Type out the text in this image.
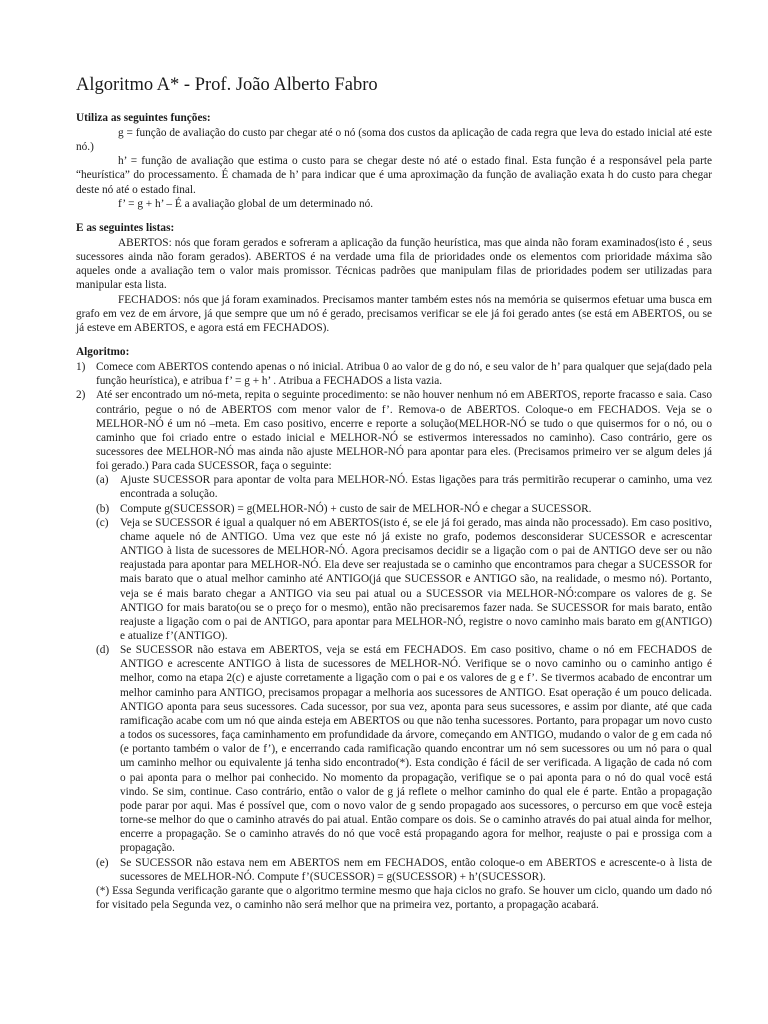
Algoritmo A* - Prof. João Alberto Fabro
Utiliza as seguintes funções:

g = função de avaliação do custo par chegar até o nó (soma dos custos da aplicação de cada regra que leva do estado inicial até este nó.)

h’ = função de avaliação que estima o custo para se chegar deste nó até o estado final. Esta função é a responsável pela parte “heurística” do processamento. É chamada de h’ para indicar que é uma aproximação da função de avaliação exata h do custo para chegar deste nó até o estado final.

f’ = g + h’ – É a avaliação global de um determinado nó.

E as seguintes listas:

ABERTOS: nós que foram gerados e sofreram a aplicação da função heurística, mas que ainda não foram examinados(isto é , seus sucessores ainda não foram gerados). ABERTOS é na verdade uma fila de prioridades onde os elementos com prioridade máxima são aqueles onde a avaliação tem o valor mais promissor. Técnicas padrões que manipulam filas de prioridades podem ser utilizadas para manipular esta lista.

FECHADOS: nós que já foram examinados. Precisamos manter também estes nós na memória se quisermos efetuar uma busca em grafo em vez de em árvore, já que sempre que um nó é gerado, precisamos verificar se ele já foi gerado antes (se está em ABERTOS, ou se já esteve em ABERTOS, e agora está em FECHADOS).

Algoritmo:
1) Comece com ABERTOS contendo apenas o nó inicial. Atribua 0 ao valor de g do nó, e seu valor de h’ para qualquer que seja(dado pela função heurística), e atribua f’ = g + h’ . Atribua a FECHADOS a lista vazia.
2) Até ser encontrado um nó-meta, repita o seguinte procedimento: se não houver nenhum nó em ABERTOS, reporte fracasso e saia. Caso contrário, pegue o nó de ABERTOS com menor valor de f’. Remova-o de ABERTOS. Coloque-o em FECHADOS. Veja se o MELHOR-NÓ é um nó –meta. Em caso positivo, encerre e reporte a solução(MELHOR-NÓ se tudo o que quisermos for o nó, ou o caminho que foi criado entre o estado inicial e MELHOR-NÓ se estivermos interessados no caminho). Caso contrário, gere os sucessores dee MELHOR-NÓ mas ainda não ajuste MELHOR-NÓ para apontar para eles. (Precisamos primeiro ver se algum deles já foi gerado.) Para cada SUCESSOR, faça o seguinte:
(a)	Ajuste SUCESSOR para apontar de volta para MELHOR-NÓ. Estas ligações para trás permitirão recuperar o caminho, uma vez encontrada a solução.
(b) Compute g(SUCESSOR) = g(MELHOR-NÓ) + custo de sair de MELHOR-NÓ e chegar a SUCESSOR.
(c)	Veja se SUCESSOR é igual a qualquer nó em ABERTOS(isto é, se ele já foi gerado, mas ainda não processado). Em caso positivo, chame aquele nó de ANTIGO. Uma vez que este nó já existe no grafo, podemos desconsiderar SUCESSOR e acrescentar ANTIGO à lista de sucessores de MELHOR-NÓ. Agora precisamos decidir se a ligação com o pai de ANTIGO deve ser ou não reajustada para apontar para MELHOR-NÓ. Ela deve ser reajustada se o caminho que encontramos para chegar a SUCESSOR for mais barato que o atual melhor caminho até ANTIGO(já que SUCESSOR e ANTIGO são, na realidade, o mesmo nó). Portanto, veja se é mais barato chegar a ANTIGO via seu pai atual ou a SUCESSOR via MELHOR-NÓ:compare os valores de g. Se ANTIGO for mais barato(ou se o preço for o mesmo), então não precisaremos fazer nada. Se SUCESSOR for mais barato, então reajuste a ligação com o pai de ANTIGO, para apontar para MELHOR-NÓ, registre o novo caminho mais barato em g(ANTIGO) e atualize f’(ANTIGO).
(d) Se SUCESSOR não estava em ABERTOS, veja se está em FECHADOS. Em caso positivo, chame o nó em FECHADOS de ANTIGO e acrescente ANTIGO à lista de sucessores de MELHOR-NÓ. Verifique se o novo caminho ou o caminho antigo é melhor, como na etapa 2(c) e ajuste corretamente a ligação com o pai e os valores de g e f’. Se tivermos acabado de encontrar um melhor caminho para ANTIGO, precisamos propagar a melhoria aos sucessores de ANTIGO. Esat operação é um pouco delicada. ANTIGO aponta para seus sucessores. Cada sucessor, por sua vez, aponta para seus sucessores, e assim por diante, até que cada ramificação acabe com um nó que ainda esteja em ABERTOS ou que não tenha sucessores. Portanto, para propagar um novo custo a todos os sucessores, faça caminhamento em profundidade da árvore, começando em ANTIGO, mudando o valor de g em cada nó (e portanto também o valor de f’), e encerrando cada ramificação quando encontrar um nó sem sucessores ou um nó para o qual um caminho melhor ou equivalente já tenha sido encontrado(*). Esta condição é fácil de ser verificada. A ligação de cada nó com o pai aponta para o melhor pai conhecido. No momento da propagação, verifique se o pai aponta para o nó do qual você está vindo. Se sim, continue. Caso contrário, então o valor de g já reflete o melhor caminho do qual ele é parte. Então a propagação pode parar por aqui. Mas é possível que, com o novo valor de g sendo propagado aos sucessores, o percurso em que você esteja torne-se melhor do que o caminho através do pai atual. Então compare os dois. Se o caminho através do pai atual ainda for melhor, encerre a propagação. Se o caminho através do nó que você está propagando agora for melhor, reajuste o pai e prossiga com a propagação.
(e)	Se SUCESSOR não estava nem em ABERTOS nem em FECHADOS, então coloque-o em ABERTOS e acrescente-o à lista de sucessores de MELHOR-NÓ. Compute f’(SUCESSOR) = g(SUCESSOR) + h’(SUCESSOR).
(*) Essa Segunda verificação garante que o algoritmo termine mesmo que haja ciclos no grafo. Se houver um ciclo, quando um dado nó for visitado pela Segunda vez, o caminho não será melhor que na primeira vez, portanto, a propagação acabará.
